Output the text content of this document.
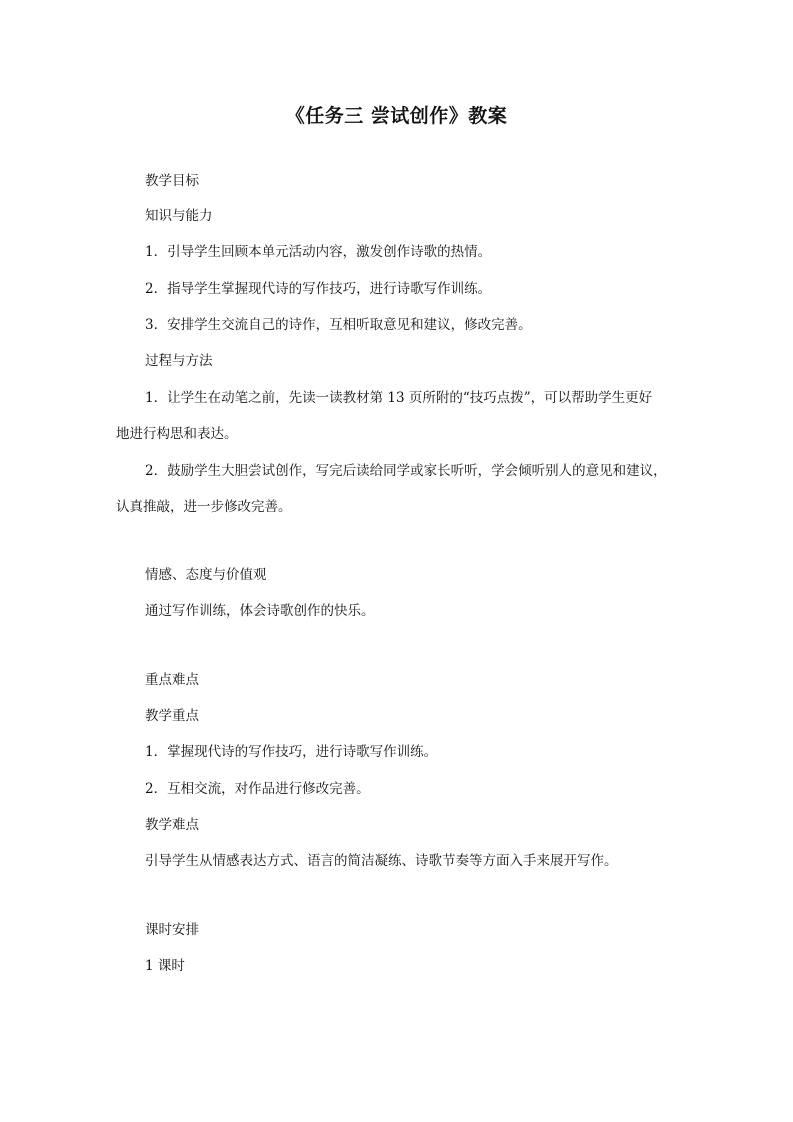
《任务三 尝试创作》教案
教学目标
知识与能力
1．引导学生回顾本单元活动内容，激发创作诗歌的热情。
2．指导学生掌握现代诗的写作技巧，进行诗歌写作训练。
3．安排学生交流自己的诗作，互相听取意见和建议，修改完善。
过程与方法
1．让学生在动笔之前，先读一读教材第 13 页所附的“技巧点拨”，可以帮助学生更好
地进行构思和表达。
2．鼓励学生大胆尝试创作，写完后读给同学或家长听听，学会倾听别人的意见和建议，
认真推敲，进一步修改完善。
情感、态度与价值观
通过写作训练，体会诗歌创作的快乐。
重点难点
教学重点
1．掌握现代诗的写作技巧，进行诗歌写作训练。
2．互相交流，对作品进行修改完善。
教学难点
引导学生从情感表达方式、语言的简洁凝练、诗歌节奏等方面入手来展开写作。
课时安排
1 课时
